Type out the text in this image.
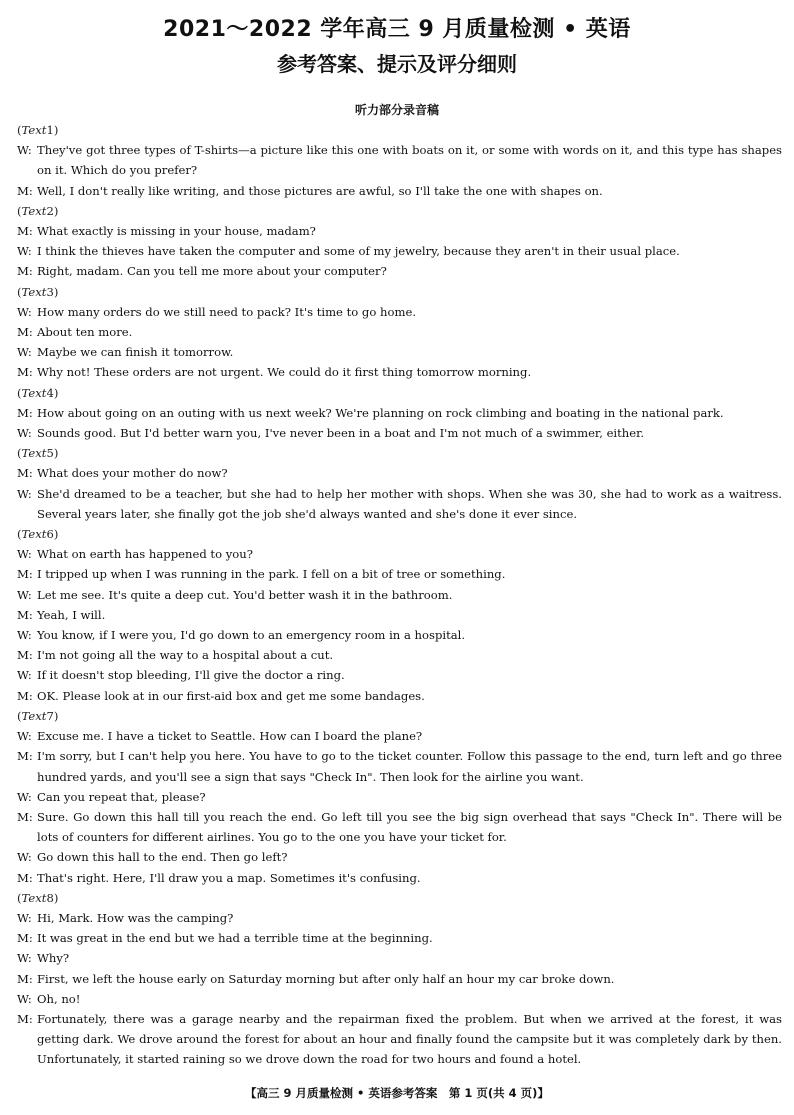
2021～2022 学年高三 9 月质量检测 • 英语
参考答案、提示及评分细则
听力部分录音稿
( Text 1)
W: They've got three types of T-shirts—a picture like this one with boats on it, or some with words on it, and this type has shapes on it. Which do you prefer?
M: Well, I don't really like writing, and those pictures are awful, so I'll take the one with shapes on.
( Text 2)
M: What exactly is missing in your house, madam?
W: I think the thieves have taken the computer and some of my jewelry, because they aren't in their usual place.
M: Right, madam. Can you tell me more about your computer?
( Text 3)
W: How many orders do we still need to pack? It's time to go home.
M: About ten more.
W: Maybe we can finish it tomorrow.
M: Why not! These orders are not urgent. We could do it first thing tomorrow morning.
( Text 4)
M: How about going on an outing with us next week? We're planning on rock climbing and boating in the national park.
W: Sounds good. But I'd better warn you, I've never been in a boat and I'm not much of a swimmer, either.
( Text 5)
M: What does your mother do now?
W: She'd dreamed to be a teacher, but she had to help her mother with shops. When she was 30, she had to work as a waitress. Several years later, she finally got the job she'd always wanted and she's done it ever since.
( Text 6)
W: What on earth has happened to you?
M: I tripped up when I was running in the park. I fell on a bit of tree or something.
W: Let me see. It's quite a deep cut. You'd better wash it in the bathroom.
M: Yeah, I will.
W: You know, if I were you, I'd go down to an emergency room in a hospital.
M: I'm not going all the way to a hospital about a cut.
W: If it doesn't stop bleeding, I'll give the doctor a ring.
M: OK. Please look at in our first-aid box and get me some bandages.
( Text 7)
W: Excuse me. I have a ticket to Seattle. How can I board the plane?
M: I'm sorry, but I can't help you here. You have to go to the ticket counter. Follow this passage to the end, turn left and go three hundred yards, and you'll see a sign that says "Check In". Then look for the airline you want.
W: Can you repeat that, please?
M: Sure. Go down this hall till you reach the end. Go left till you see the big sign overhead that says "Check In". There will be lots of counters for different airlines. You go to the one you have your ticket for.
W: Go down this hall to the end. Then go left?
M: That's right. Here, I'll draw you a map. Sometimes it's confusing.
( Text 8)
W: Hi, Mark. How was the camping?
M: It was great in the end but we had a terrible time at the beginning.
W: Why?
M: First, we left the house early on Saturday morning but after only half an hour my car broke down.
W: Oh, no!
M: Fortunately, there was a garage nearby and the repairman fixed the problem. But when we arrived at the forest, it was getting dark. We drove around the forest for about an hour and finally found the campsite but it was completely dark by then. Unfortunately, it started raining so we drove down the road for two hours and found a hotel.
【高三 9 月质量检测 • 英语参考答案　第 1 页(共 4 页)】
